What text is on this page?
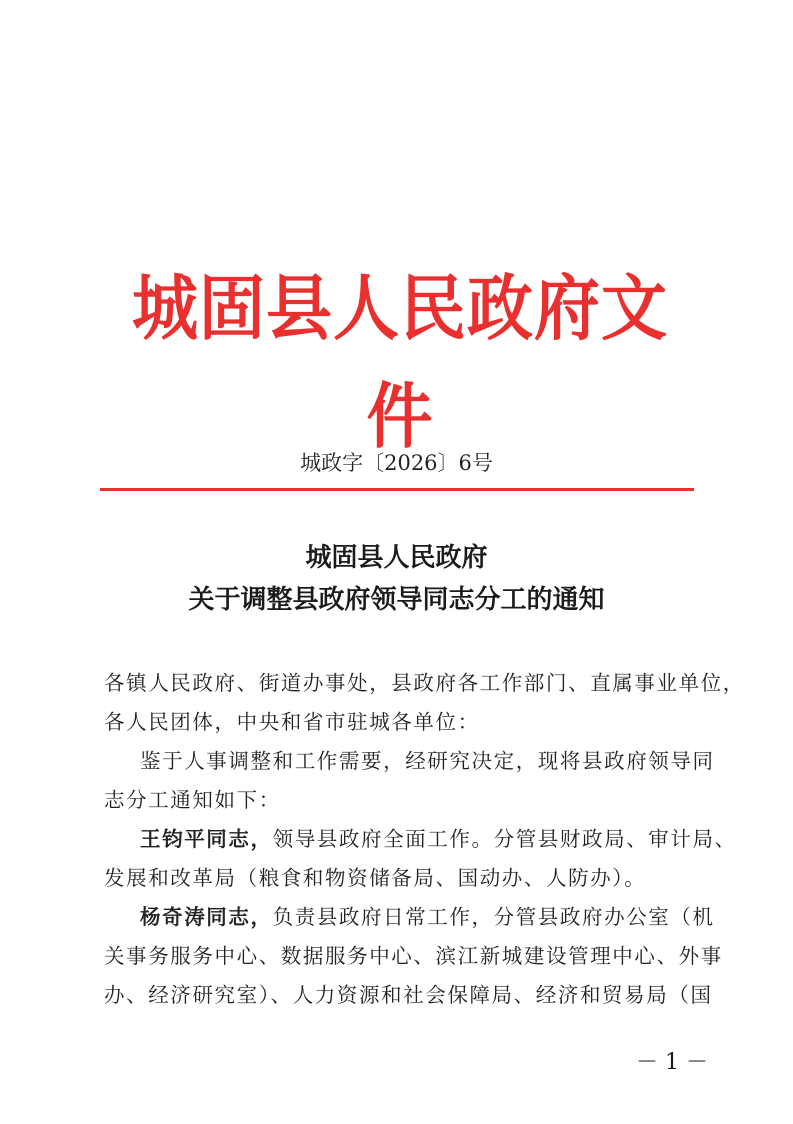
城固县人民政府文件
城政字〔2026〕6号
城固县人民政府
关于调整县政府领导同志分工的通知
各镇人民政府、街道办事处，县政府各工作部门、直属事业单位，
各人民团体，中央和省市驻城各单位：
鉴于人事调整和工作需要，经研究决定，现将县政府领导同
志分工通知如下：
王钧平同志，领导县政府全面工作。分管县财政局、审计局、
发展和改革局（粮食和物资储备局、国动办、人防办）。
杨奇涛同志，负责县政府日常工作，分管县政府办公室（机
关事务服务中心、数据服务中心、滨江新城建设管理中心、外事
办、经济研究室）、人力资源和社会保障局、经济和贸易局（国
－ 1 －
